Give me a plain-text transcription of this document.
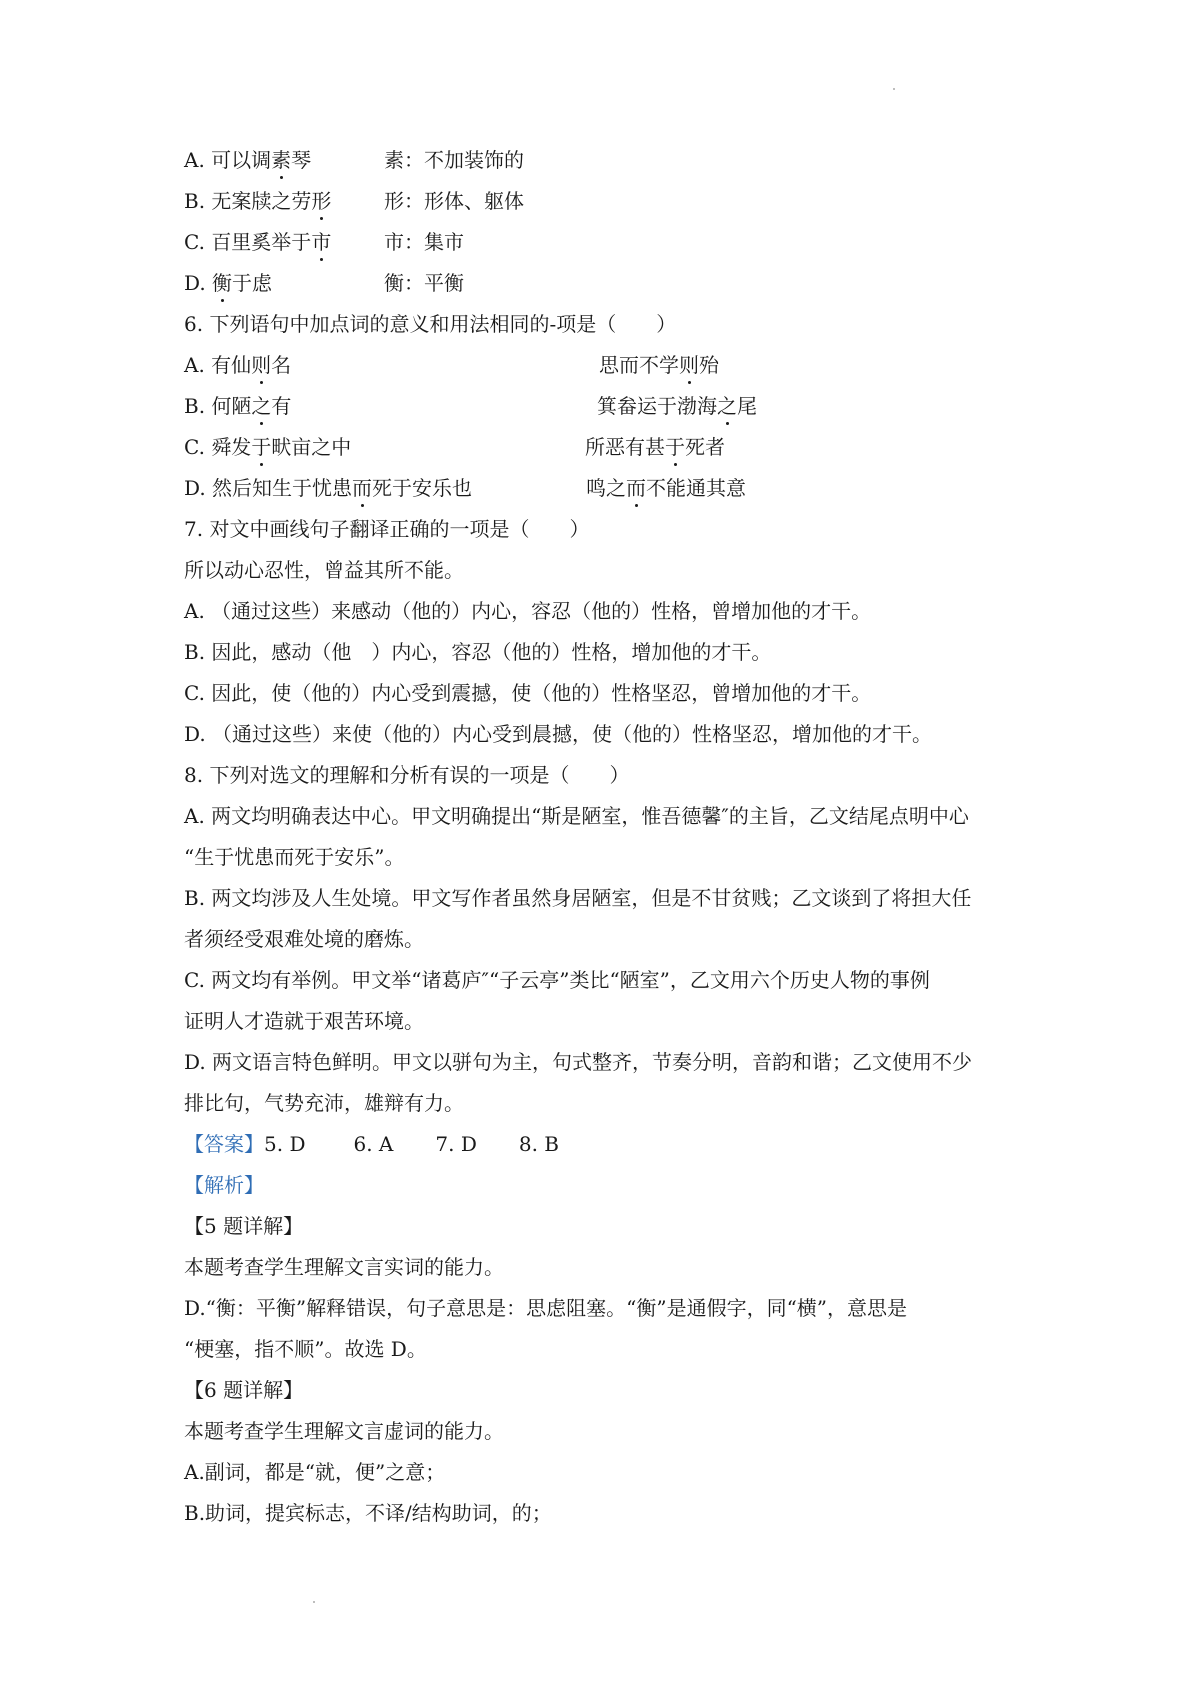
A. 可以调素琴	素：不加装饰的
B. 无案牍之劳形	形：形体、躯体
C. 百里奚举于市	市：集市
D. 衡于虑	衡：平衡
6. 下列语句中加点词的意义和用法相同的-项是（　　）
A. 有仙则名	思而不学则殆
B. 何陋之有	箕畚运于渤海之尾
C. 舜发于畎亩之中	所恶有甚于死者
D. 然后知生于忧患而死于安乐也	鸣之而不能通其意
7. 对文中画线句子翻译正确的一项是（　　）
所以动心忍性，曾益其所不能。
A. （通过这些）来感动（他的）内心，容忍（他的）性格，曾增加他的才干。
B. 因此，感动（他　）内心，容忍（他的）性格，增加他的才干。
C. 因此，使（他的）内心受到震撼，使（他的）性格坚忍，曾增加他的才干。
D. （通过这些）来使（他的）内心受到晨撼，使（他的）性格坚忍，增加他的才干。
8. 下列对选文的理解和分析有误的一项是（　　）
A. 两文均明确表达中心。甲文明确提出“斯是陋室，惟吾德馨″的主旨，乙文结尾点明中心
“生于忧患而死于安乐”。
B. 两文均涉及人生处境。甲文写作者虽然身居陋室，但是不甘贫贱；乙文谈到了将担大任
者须经受艰难处境的磨炼。
C. 两文均有举例。甲文举“诸葛庐″“子云亭”类比“陋室”，乙文用六个历史人物的事例
证明人才造就于艰苦环境。
D. 两文语言特色鲜明。甲文以骈句为主，句式整齐，节奏分明，音韵和谐；乙文使用不少
排比句，气势充沛，雄辩有力。
【答案】5. D 6. A 7. D 8. B
【解析】
【5 题详解】
本题考查学生理解文言实词的能力。
D.“衡：平衡”解释错误，句子意思是：思虑阻塞。“衡”是通假字，同“横”，意思是
“梗塞，指不顺”。故选 D。
【6 题详解】
本题考查学生理解文言虚词的能力。
A.副词，都是“就，便”之意；
B.助词，提宾标志，不译/结构助词，的；
